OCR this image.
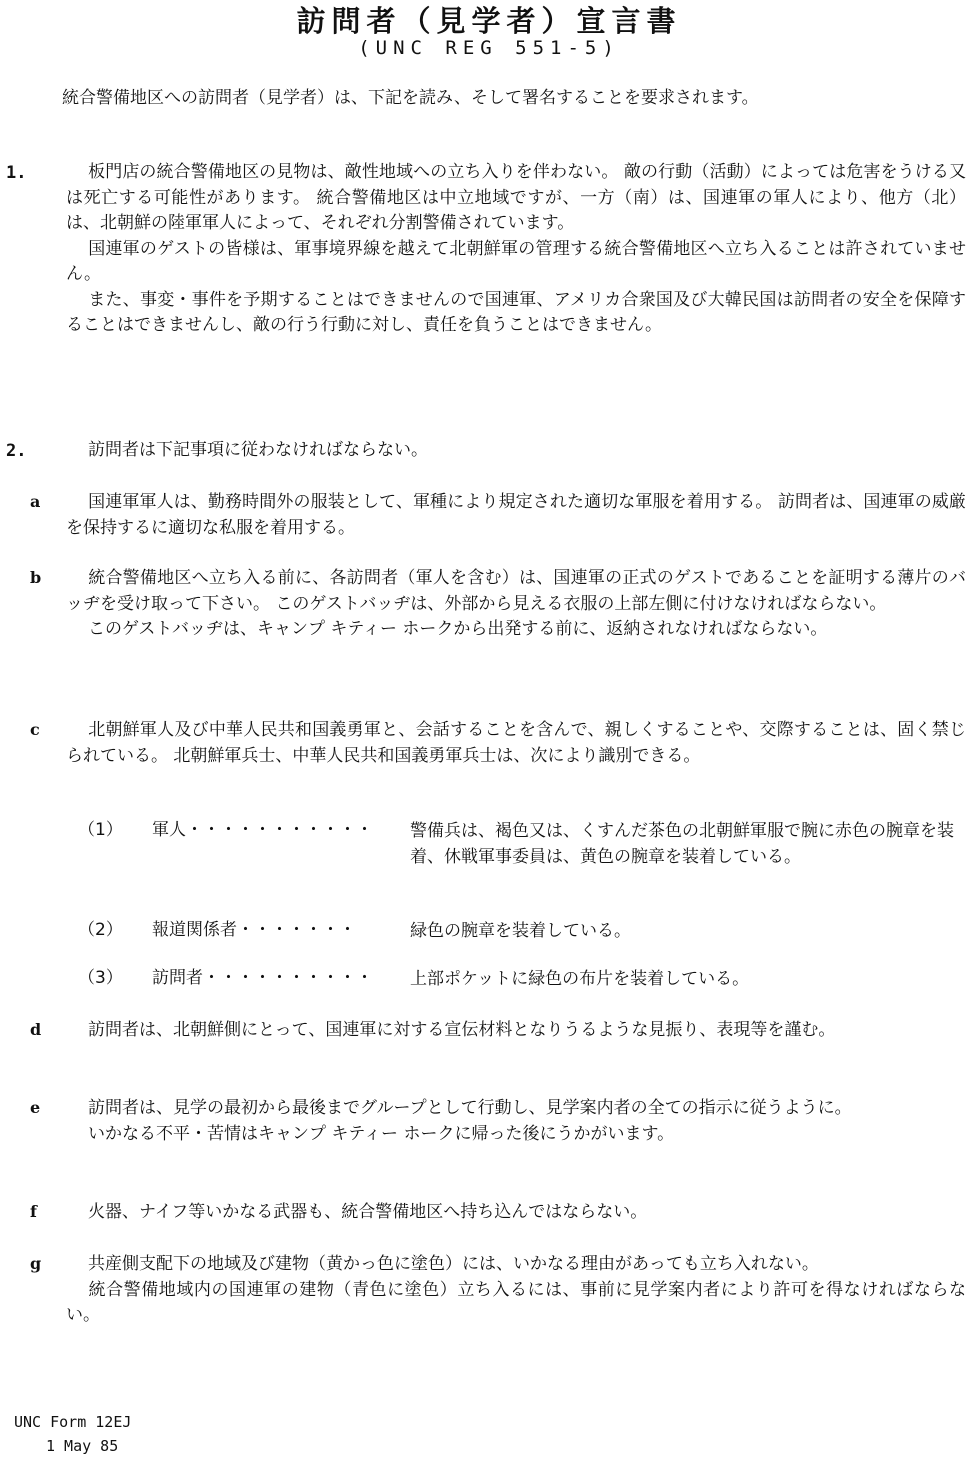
訪問者（見学者）宣言書
(UNC REG 551-5)
統合警備地区への訪問者（見学者）は、下記を読み、そして署名することを要求されます。
1.	板門店の統合警備地区の見物は、敵性地域への立ち入りを伴わない。 敵の行動（活動）によっては危害をうける又は死亡する可能性があります。 統合警備地区は中立地域ですが、一方（南）は、国連軍の軍人により、他方（北）は、北朝鮮の陸軍軍人によって、それぞれ分割警備されています。

国連軍のゲストの皆様は、軍事境界線を越えて北朝鮮軍の管理する統合警備地区へ立ち入ることは許されていません。

また、事変・事件を予期することはできませんので国連軍、アメリカ合衆国及び大韓民国は訪問者の安全を保障することはできませんし、敵の行う行動に対し、責任を負うことはできません。

2.	訪問者は下記事項に従わなければならない。
a	国連軍軍人は、勤務時間外の服装として、軍種により規定された適切な軍服を着用する。 訪問者は、国連軍の威厳を保持するに適切な私服を着用する。

b	統合警備地区へ立ち入る前に、各訪問者（軍人を含む）は、国連軍の正式のゲストであることを証明する薄片のバッヂを受け取って下さい。 このゲストバッヂは、外部から見える衣服の上部左側に付けなければならない。

このゲストバッヂは、キャンプ キティー ホークから出発する前に、返納されなければならない。

c	北朝鮮軍人及び中華人民共和国義勇軍と、会話することを含んで、親しくすることや、交際することは、固く禁じられている。 北朝鮮軍兵士、中華人民共和国義勇軍兵士は、次により識別できる。

（1） 軍人・・・・・・・・・・・ 警備兵は、褐色又は、くすんだ茶色の北朝鮮軍服で腕に赤色の腕章を装着、休戦軍事委員は、黄色の腕章を装着している。
（2） 報道関係者・・・・・・・	緑色の腕章を装着している。
（3） 訪問者・・・・・・・・・・ 上部ポケットに緑色の布片を装着している。
d	訪問者は、北朝鮮側にとって、国連軍に対する宣伝材料となりうるような見振り、表現等を謹む。

e	訪問者は、見学の最初から最後までグループとして行動し、見学案内者の全ての指示に従うように。

いかなる不平・苦情はキャンプ キティー ホークに帰った後にうかがいます。

f	火器、ナイフ等いかなる武器も、統合警備地区へ持ち込んではならない。

g	共産側支配下の地域及び建物（黄かっ色に塗色）には、いかなる理由があっても立ち入れない。

統合警備地域内の国連軍の建物（青色に塗色）立ち入るには、事前に見学案内者により許可を得なければならない。

UNC Form 12EJ
1 May 85
